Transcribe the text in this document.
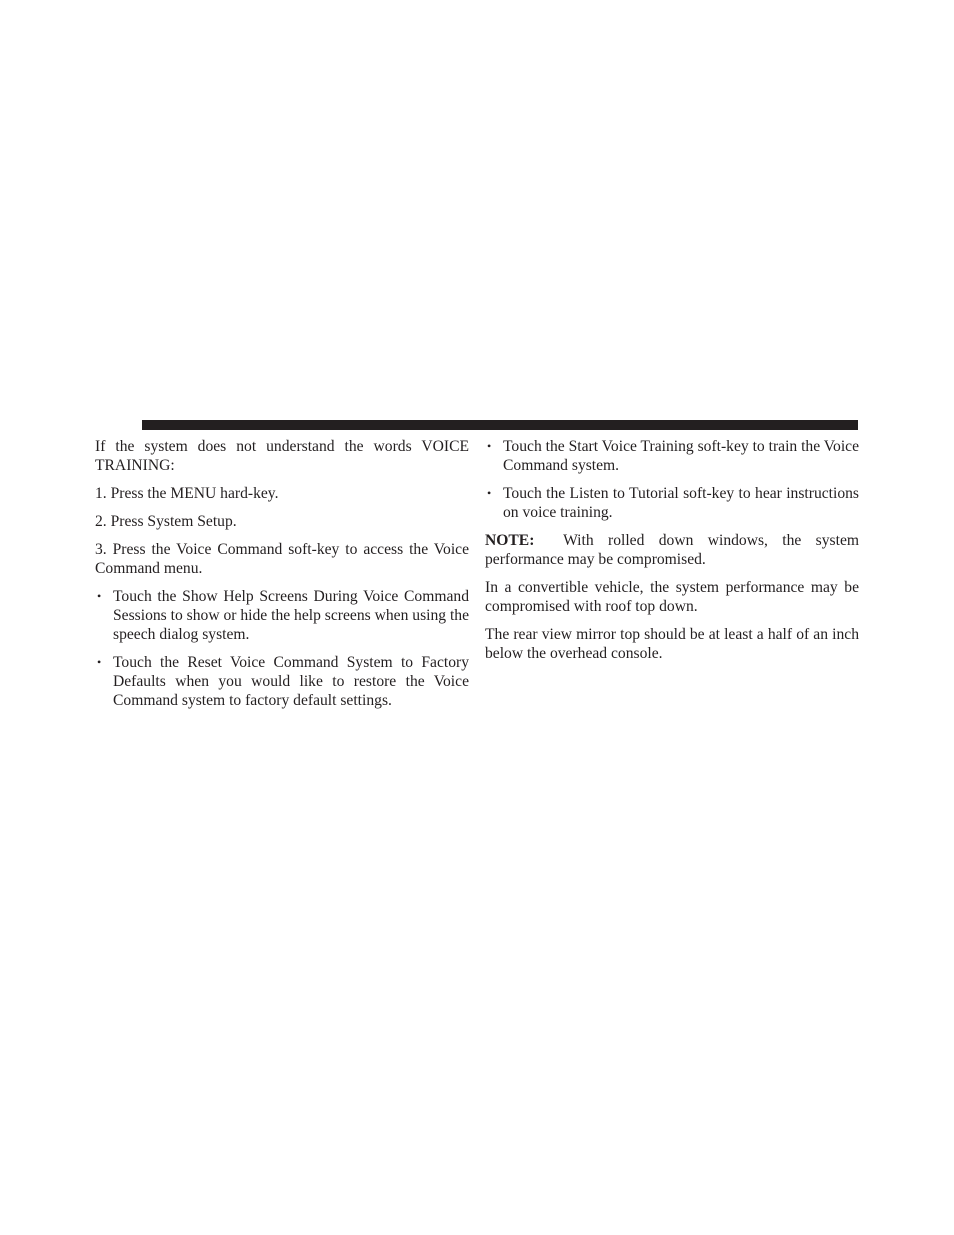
If the system does not understand the words VOICE TRAINING:

1. Press the MENU hard-key.

2. Press System Setup.

3. Press the Voice Command soft-key to access the Voice Command menu.

• Touch the Show Help Screens During Voice Command Sessions to show or hide the help screens when using the speech dialog system.
• Touch the Reset Voice Command System to Factory Defaults when you would like to restore the Voice Command system to factory default settings.
• Touch the Start Voice Training soft-key to train the Voice Command system.
• Touch the Listen to Tutorial soft-key to hear instructions on voice training.

NOTE: With rolled down windows, the system performance may be compromised.

In a convertible vehicle, the system performance may be compromised with roof top down.

The rear view mirror top should be at least a half of an inch below the overhead console.
